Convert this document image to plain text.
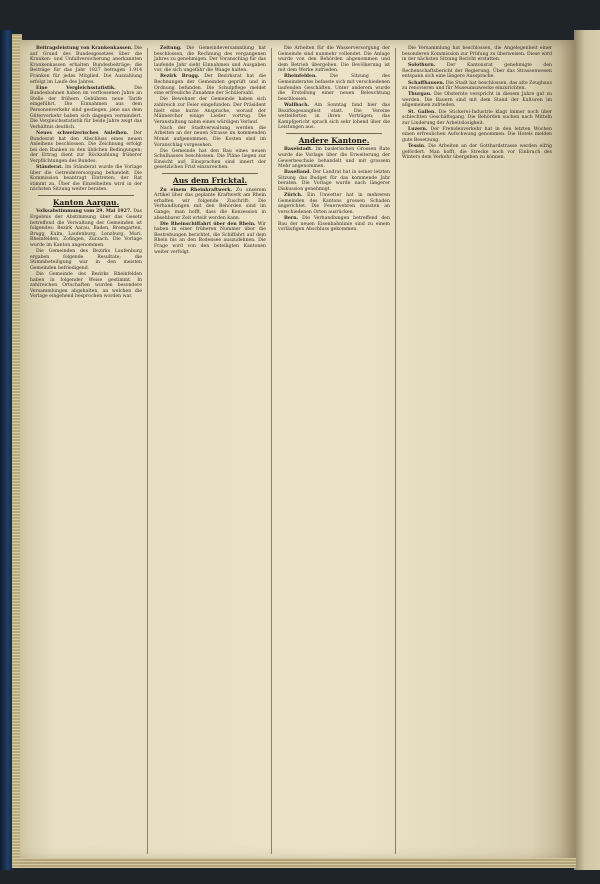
Beitragsleistung von Krankenkassen. Die auf Grund des Bundesgesetzes über die Kranken- und Unfallversicherung anerkannten Krankenkassen erhalten Bundesbeiträge; die Beiträge für das Jahr 1927 betragen 1.914 Franken für jedes Mitglied. Die Auszahlung erfolgt im Laufe des Jahres.

Eine Vergleichsstatistik.	Die Bundesbahnen haben im verflossenen Jahre an Stelle der frühern Gebühren neue Tarife eingeführt. Die Einnahmen aus dem Personenverkehr sind gestiegen, jene aus dem Güterverkehr haben sich dagegen vermindert. Die Vergleichsstatistik für beide Jahre zeigt das Verhältnis deutlich.

Neues schweizerisches Anleihen. Der Bundesrat hat den Abschluss eines neuen Anleihens beschlossen. Die Zeichnung erfolgt bei den Banken zu den üblichen Bedingungen; der Ertrag dient zur Rückzahlung früherer Verpflichtungen des Bundes.

Ständerat. Im Ständerat wurde die Vorlage über die Getreideversorgung behandelt. Die Kommission beantragt Eintreten; der Rat stimmt zu. Über die Einzelheiten wird in der nächsten Sitzung weiter beraten.

Kanton Aargau.

Volksabstimmung vom 29. Mai 1927. Das Ergebnis der Abstimmung über das Gesetz betreffend die Verwaltung der Gemeinden ist folgendes: Bezirk Aarau, Baden, Bremgarten, Brugg, Kulm, Laufenburg, Lenzburg, Muri, Rheinfelden, Zofingen, Zurzach. Die Vorlage wurde im Kanton angenommen.

Die Gemeinden des Bezirks Laufenburg ergaben folgende Resultate; die Stimmbeteiligung war in den meisten Gemeinden befriedigend.

Die Gemeinde des Bezirks Rheinfelden haben in folgender Weise gestimmt. In zahlreichen Ortschaften wurden besondere Versammlungen abgehalten, an welchen die Vorlage eingehend besprochen worden war.

Zeitung. Die Gemeindeversammlung hat beschlossen, die Rechnung des vergangenen Jahres zu genehmigen. Der Voranschlag für das laufende Jahr sieht Einnahmen und Ausgaben vor, die sich ungefähr die Waage halten.

Bezirk Brugg. Der Bezirksrat hat die Rechnungen der Gemeinden geprüft und in Ordnung befunden. Die Schulpflege meldet eine erfreuliche Zunahme der Schülerzahl.

Die Bewohner der Gemeinde haben sich zahlreich zur Feier eingefunden. Der Präsident hielt eine kurze Ansprache, worauf der Männerchor einige Lieder vortrug. Die Veranstaltung nahm einen würdigen Verlauf.

Nach der Stadtverwaltung werden die Arbeiten an der neuen Strasse im kommenden Monat aufgenommen. Die Kosten sind im Voranschlag vorgesehen.

Die Gemeinde hat den Bau eines neuen Schulhauses beschlossen. Die Pläne liegen zur Einsicht auf; Einsprachen sind innert der gesetzlichen Frist einzureichen.

Aus dem Fricktal.

Zu einem Rheinkraftwerk. Zu unserem Artikel über das geplante Kraftwerk am Rhein erhalten wir folgende Zuschrift: Die Verhandlungen mit den Behörden sind im Gange; man hofft, dass die Konzession in absehbarer Zeit erteilt werden kann.

Die Rheinschiffahrt über den Rhein. Wir haben in einer früheren Nummer über die Bestrebungen berichtet, die Schiffahrt auf dem Rhein bis an den Bodensee auszudehnen. Die Frage wird von den beteiligten Kantonen weiter verfolgt.

Die Arbeiten für die Wasserversorgung der Gemeinde sind nunmehr vollendet. Die Anlage wurde von den Behörden abgenommen und dem Betrieb übergeben. Die Bevölkerung ist mit dem Werke zufrieden.

Rheinfelden.	Die Sitzung des Gemeinderates befasste sich mit verschiedenen laufenden Geschäften. Unter anderem wurde die Erstellung einer neuen Beleuchtung beschlossen.

Wallbach. Am Sonntag fand hier das Bezirksgesangfest statt. Die Vereine wetteiferten in ihren Vorträgen; das Kampfgericht sprach sich sehr lobend über die Leistungen aus.

Andere Kantone.

Baselstadt. Im baslerischen Grossen Rate wurde die Vorlage über die Erweiterung der Gewerbeschule behandelt und mit grossem Mehr angenommen.

Baselland. Der Landrat hat in seiner letzten Sitzung das Budget für das kommende Jahr beraten. Die Vorlage wurde nach längerer Diskussion genehmigt.

Zürich. Ein Unwetter hat in mehreren Gemeinden des Kantons grossen Schaden angerichtet. Die Feuerwehren mussten an verschiedenen Orten ausrücken.

Bern. Die Verhandlungen betreffend den Bau der neuen Eisenbahnlinie sind zu einem vorläufigen Abschluss gekommen.

Die Versammlung hat beschlossen, die Angelegenheit einer besonderen Kommission zur Prüfung zu überweisen. Diese wird in der nächsten Sitzung Bericht erstatten.

Solothurn.	Der Kantonsrat genehmigte den Rechenschaftsbericht der Regierung. Über das Strassenwesen entspann sich eine längere Aussprache.

Schaffhausen. Die Stadt hat beschlossen, das alte Zeughaus zu renovieren und für Museumszwecke einzurichten.

Thurgau. Die Obsternte verspricht in diesem Jahre gut zu werden. Die Bauern sind mit dem Stand der Kulturen im allgemeinen zufrieden.

St. Gallen. Die Stickerei-Industrie klagt immer noch über schlechten Geschäftsgang. Die Behörden suchen nach Mitteln zur Linderung der Arbeitslosigkeit.

Luzern. Der Fremdenverkehr hat in den letzten Wochen einen erfreulichen Aufschwung genommen. Die Hotels melden gute Besetzung.

Tessin. Die Arbeiten an der Gotthardstrasse werden eifrig gefördert. Man hofft, die Strecke noch vor Einbruch des Winters dem Verkehr übergeben zu können.
